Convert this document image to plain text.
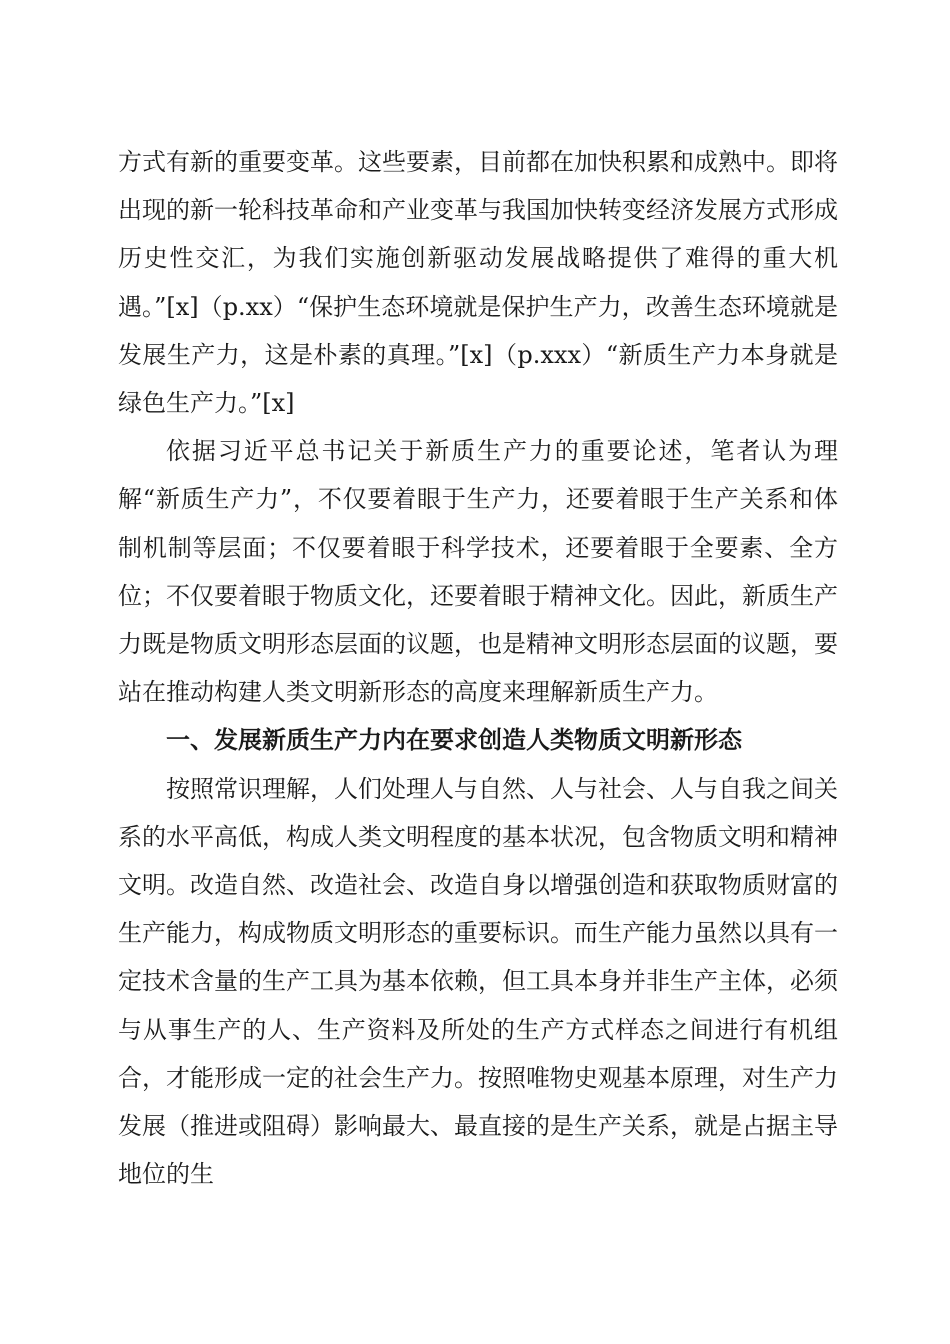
方式有新的重要变革。这些要素，目前都在加快积累和成熟中。即将出现的新一轮科技革命和产业变革与我国加快转变经济发展方式形成历史性交汇，为我们实施创新驱动发展战略提供了难得的重大机遇。”[x]（p.xx）“保护生态环境就是保护生产力，改善生态环境就是发展生产力，这是朴素的真理。”[x]（p.xxx）“新质生产力本身就是绿色生产力。”[x]

依据习近平总书记关于新质生产力的重要论述，笔者认为理解“新质生产力”，不仅要着眼于生产力，还要着眼于生产关系和体制机制等层面；不仅要着眼于科学技术，还要着眼于全要素、全方位；不仅要着眼于物质文化，还要着眼于精神文化。因此，新质生产力既是物质文明形态层面的议题，也是精神文明形态层面的议题，要站在推动构建人类文明新形态的高度来理解新质生产力。

一、发展新质生产力内在要求创造人类物质文明新形态

按照常识理解，人们处理人与自然、人与社会、人与自我之间关系的水平高低，构成人类文明程度的基本状况，包含物质文明和精神文明。改造自然、改造社会、改造自身以增强创造和获取物质财富的生产能力，构成物质文明形态的重要标识。而生产能力虽然以具有一定技术含量的生产工具为基本依赖，但工具本身并非生产主体，必须与从事生产的人、生产资料及所处的生产方式样态之间进行有机组合，才能形成一定的社会生产力。按照唯物史观基本原理，对生产力发展（推进或阻碍）影响最大、最直接的是生产关系，就是占据主导地位的生
